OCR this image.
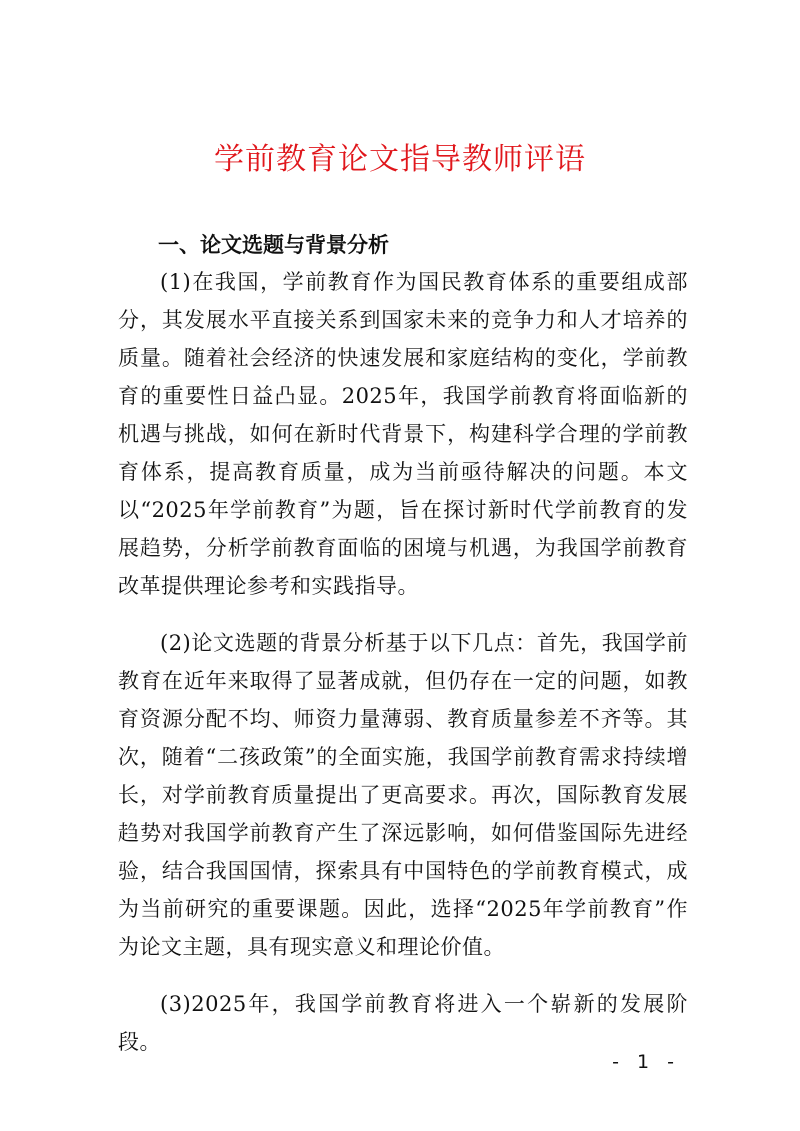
学前教育论文指导教师评语
一、论文选题与背景分析

(1)在我国，学前教育作为国民教育体系的重要组成部分，其发展水平直接关系到国家未来的竞争力和人才培养的质量。随着社会经济的快速发展和家庭结构的变化，学前教育的重要性日益凸显。2025年，我国学前教育将面临新的机遇与挑战，如何在新时代背景下，构建科学合理的学前教育体系，提高教育质量，成为当前亟待解决的问题。本文以“2025年学前教育”为题，旨在探讨新时代学前教育的发展趋势，分析学前教育面临的困境与机遇，为我国学前教育改革提供理论参考和实践指导。

(2)论文选题的背景分析基于以下几点：首先，我国学前教育在近年来取得了显著成就，但仍存在一定的问题，如教育资源分配不均、师资力量薄弱、教育质量参差不齐等。其次，随着“二孩政策”的全面实施，我国学前教育需求持续增长，对学前教育质量提出了更高要求。再次，国际教育发展趋势对我国学前教育产生了深远影响，如何借鉴国际先进经验，结合我国国情，探索具有中国特色的学前教育模式，成为当前研究的重要课题。因此，选择“2025年学前教育”作为论文主题，具有现实意义和理论价值。

(3)2025年，我国学前教育将进入一个崭新的发展阶段。

- 1 -
